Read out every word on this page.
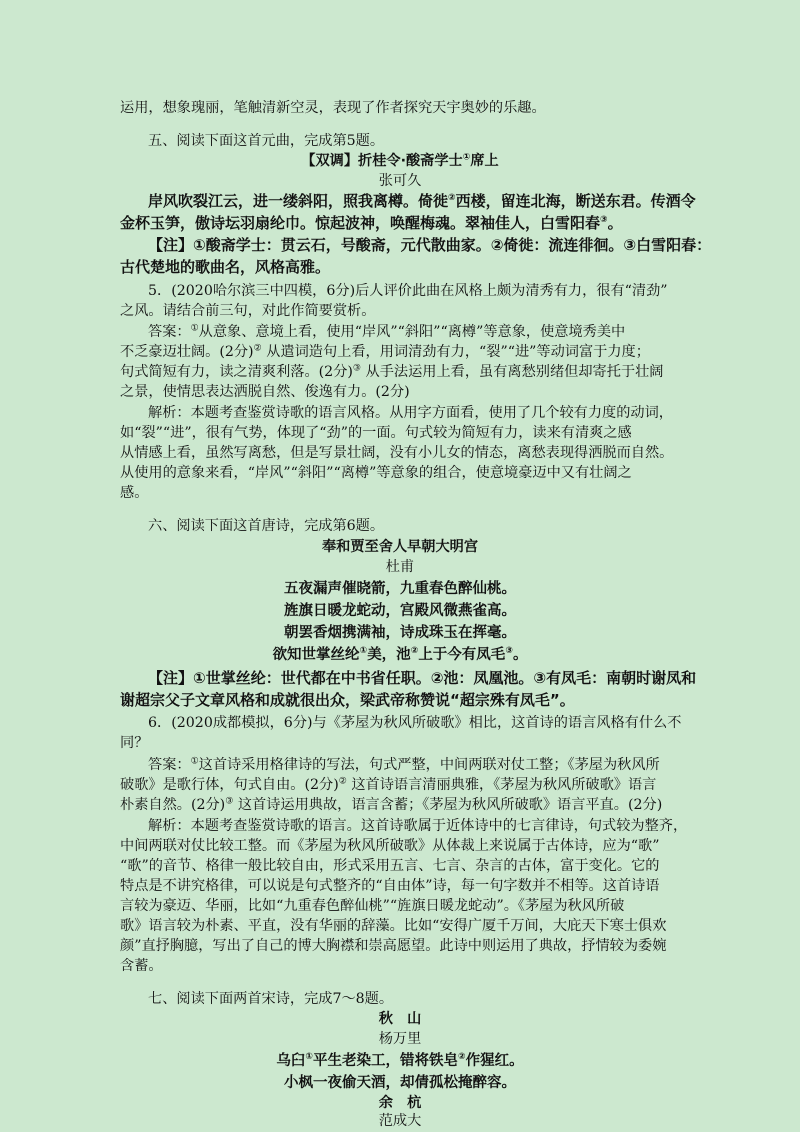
运用，想象瑰丽，笔触清新空灵，表现了作者探究天宇奥妙的乐趣。
五、阅读下面这首元曲，完成第5题。
【双调】折桂令·酸斋学士①席上
张可久
岸风吹裂江云，进一缕斜阳，照我离樽。倚徙②西楼，留连北海，断送东君。传酒令
金杯玉笋，傲诗坛羽扇纶巾。惊起波神，唤醒梅魂。翠袖佳人，白雪阳春③。
【注】①酸斋学士：贯云石，号酸斋，元代散曲家。②倚徙：流连徘徊。③白雪阳春：
古代楚地的歌曲名，风格高雅。
5．(2020哈尔滨三中四模，6分)后人评价此曲在风格上颇为清秀有力，很有“清劲”
之风。请结合前三句，对此作简要赏析。
答案：①从意象、意境上看，使用“岸风”“斜阳”“离樽”等意象，使意境秀美中
不乏豪迈壮阔。(2分)② 从遣词造句上看，用词清劲有力，“裂”“进”等动词富于力度；
句式简短有力，读之清爽利落。(2分)③ 从手法运用上看，虽有离愁别绪但却寄托于壮阔
之景，使情思表达洒脱自然、俊逸有力。(2分)
解析：本题考查鉴赏诗歌的语言风格。从用字方面看，使用了几个较有力度的动词，
如“裂”“进”，很有气势，体现了“劲”的一面。句式较为简短有力，读来有清爽之感
从情感上看，虽然写离愁，但是写景壮阔，没有小儿女的情态，离愁表现得洒脱而自然。
从使用的意象来看，“岸风”“斜阳”“离樽”等意象的组合，使意境豪迈中又有壮阔之
感。
六、阅读下面这首唐诗，完成第6题。
奉和贾至舍人早朝大明宫
杜甫
五夜漏声催晓箭，九重春色醉仙桃。
旌旗日暖龙蛇动，宫殿风微燕雀高。
朝罢香烟携满袖，诗成珠玉在挥毫。
欲知世掌丝纶①美，池②上于今有凤毛③。
【注】①世掌丝纶：世代都在中书省任职。②池：凤凰池。③有凤毛：南朝时谢凤和
谢超宗父子文章风格和成就很出众，梁武帝称赞说“超宗殊有凤毛”。
6．(2020成都模拟，6分)与《茅屋为秋风所破歌》相比，这首诗的语言风格有什么不
同？
答案：①这首诗采用格律诗的写法，句式严整，中间两联对仗工整；《茅屋为秋风所
破歌》是歌行体，句式自由。(2分)② 这首诗语言清丽典雅，《茅屋为秋风所破歌》语言
朴素自然。(2分)③ 这首诗运用典故，语言含蓄；《茅屋为秋风所破歌》语言平直。(2分)
解析：本题考查鉴赏诗歌的语言。这首诗歌属于近体诗中的七言律诗，句式较为整齐，
中间两联对仗比较工整。而《茅屋为秋风所破歌》从体裁上来说属于古体诗，应为“歌”
“歌”的音节、格律一般比较自由，形式采用五言、七言、杂言的古体，富于变化。它的
特点是不讲究格律，可以说是句式整齐的“自由体”诗，每一句字数并不相等。这首诗语
言较为豪迈、华丽，比如“九重春色醉仙桃”“旌旗日暖龙蛇动”。《茅屋为秋风所破
歌》语言较为朴素、平直，没有华丽的辞藻。比如“安得广厦千万间，大庇天下寒士俱欢
颜”直抒胸臆，写出了自己的博大胸襟和崇高愿望。此诗中则运用了典故，抒情较为委婉
含蓄。
七、阅读下面两首宋诗，完成7～8题。
秋　山
杨万里
乌臼①平生老染工，错将铁皂②作猩红。
小枫一夜偷天酒，却倩孤松掩醉容。
余　杭
范成大
